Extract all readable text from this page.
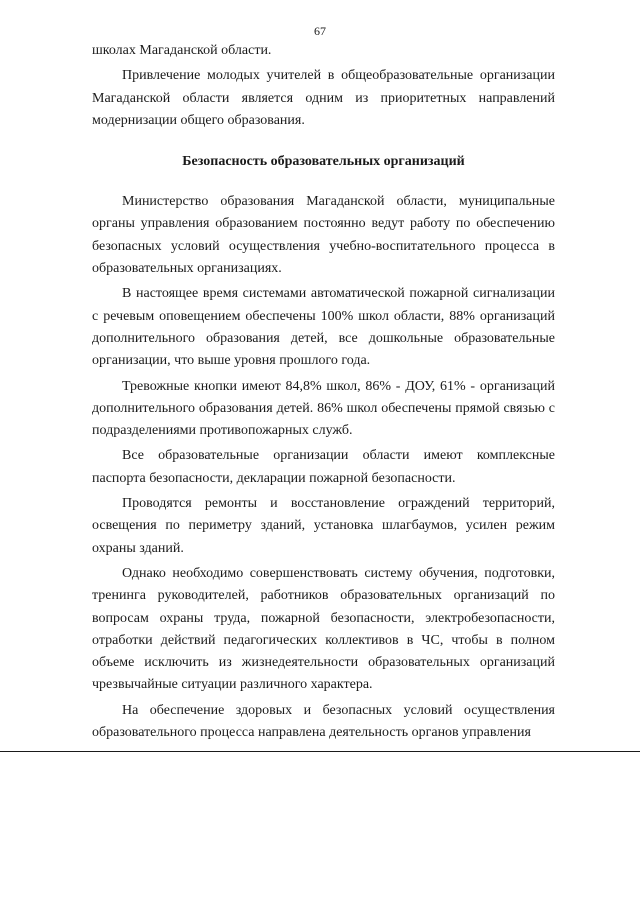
67

школах Магаданской области.

Привлечение молодых учителей в общеобразовательные организации Магаданской области является одним из приоритетных направлений модернизации общего образования.

Безопасность образовательных организаций

Министерство образования Магаданской области, муниципальные органы управления образованием постоянно ведут работу по обеспечению безопасных условий осуществления учебно-воспитательного процесса в образовательных организациях.

В настоящее время системами автоматической пожарной сигнализации с речевым оповещением обеспечены 100% школ области, 88% организаций дополнительного образования детей, все дошкольные образовательные организации, что выше уровня прошлого года.

Тревожные кнопки имеют 84,8% школ, 86% - ДОУ, 61% - организаций дополнительного образования детей. 86% школ обеспечены прямой связью с подразделениями противопожарных служб.

Все образовательные организации области имеют комплексные паспорта безопасности, декларации пожарной безопасности.

Проводятся ремонты и восстановление ограждений территорий, освещения по периметру зданий, установка шлагбаумов, усилен режим охраны зданий.

Однако необходимо совершенствовать систему обучения, подготовки, тренинга руководителей, работников образовательных организаций по вопросам охраны труда, пожарной безопасности, электробезопасности, отработки действий педагогических коллективов в ЧС, чтобы в полном объеме исключить из жизнедеятельности образовательных организаций чрезвычайные ситуации различного характера.

На обеспечение здоровых и безопасных условий осуществления образовательного процесса направлена деятельность органов управления
